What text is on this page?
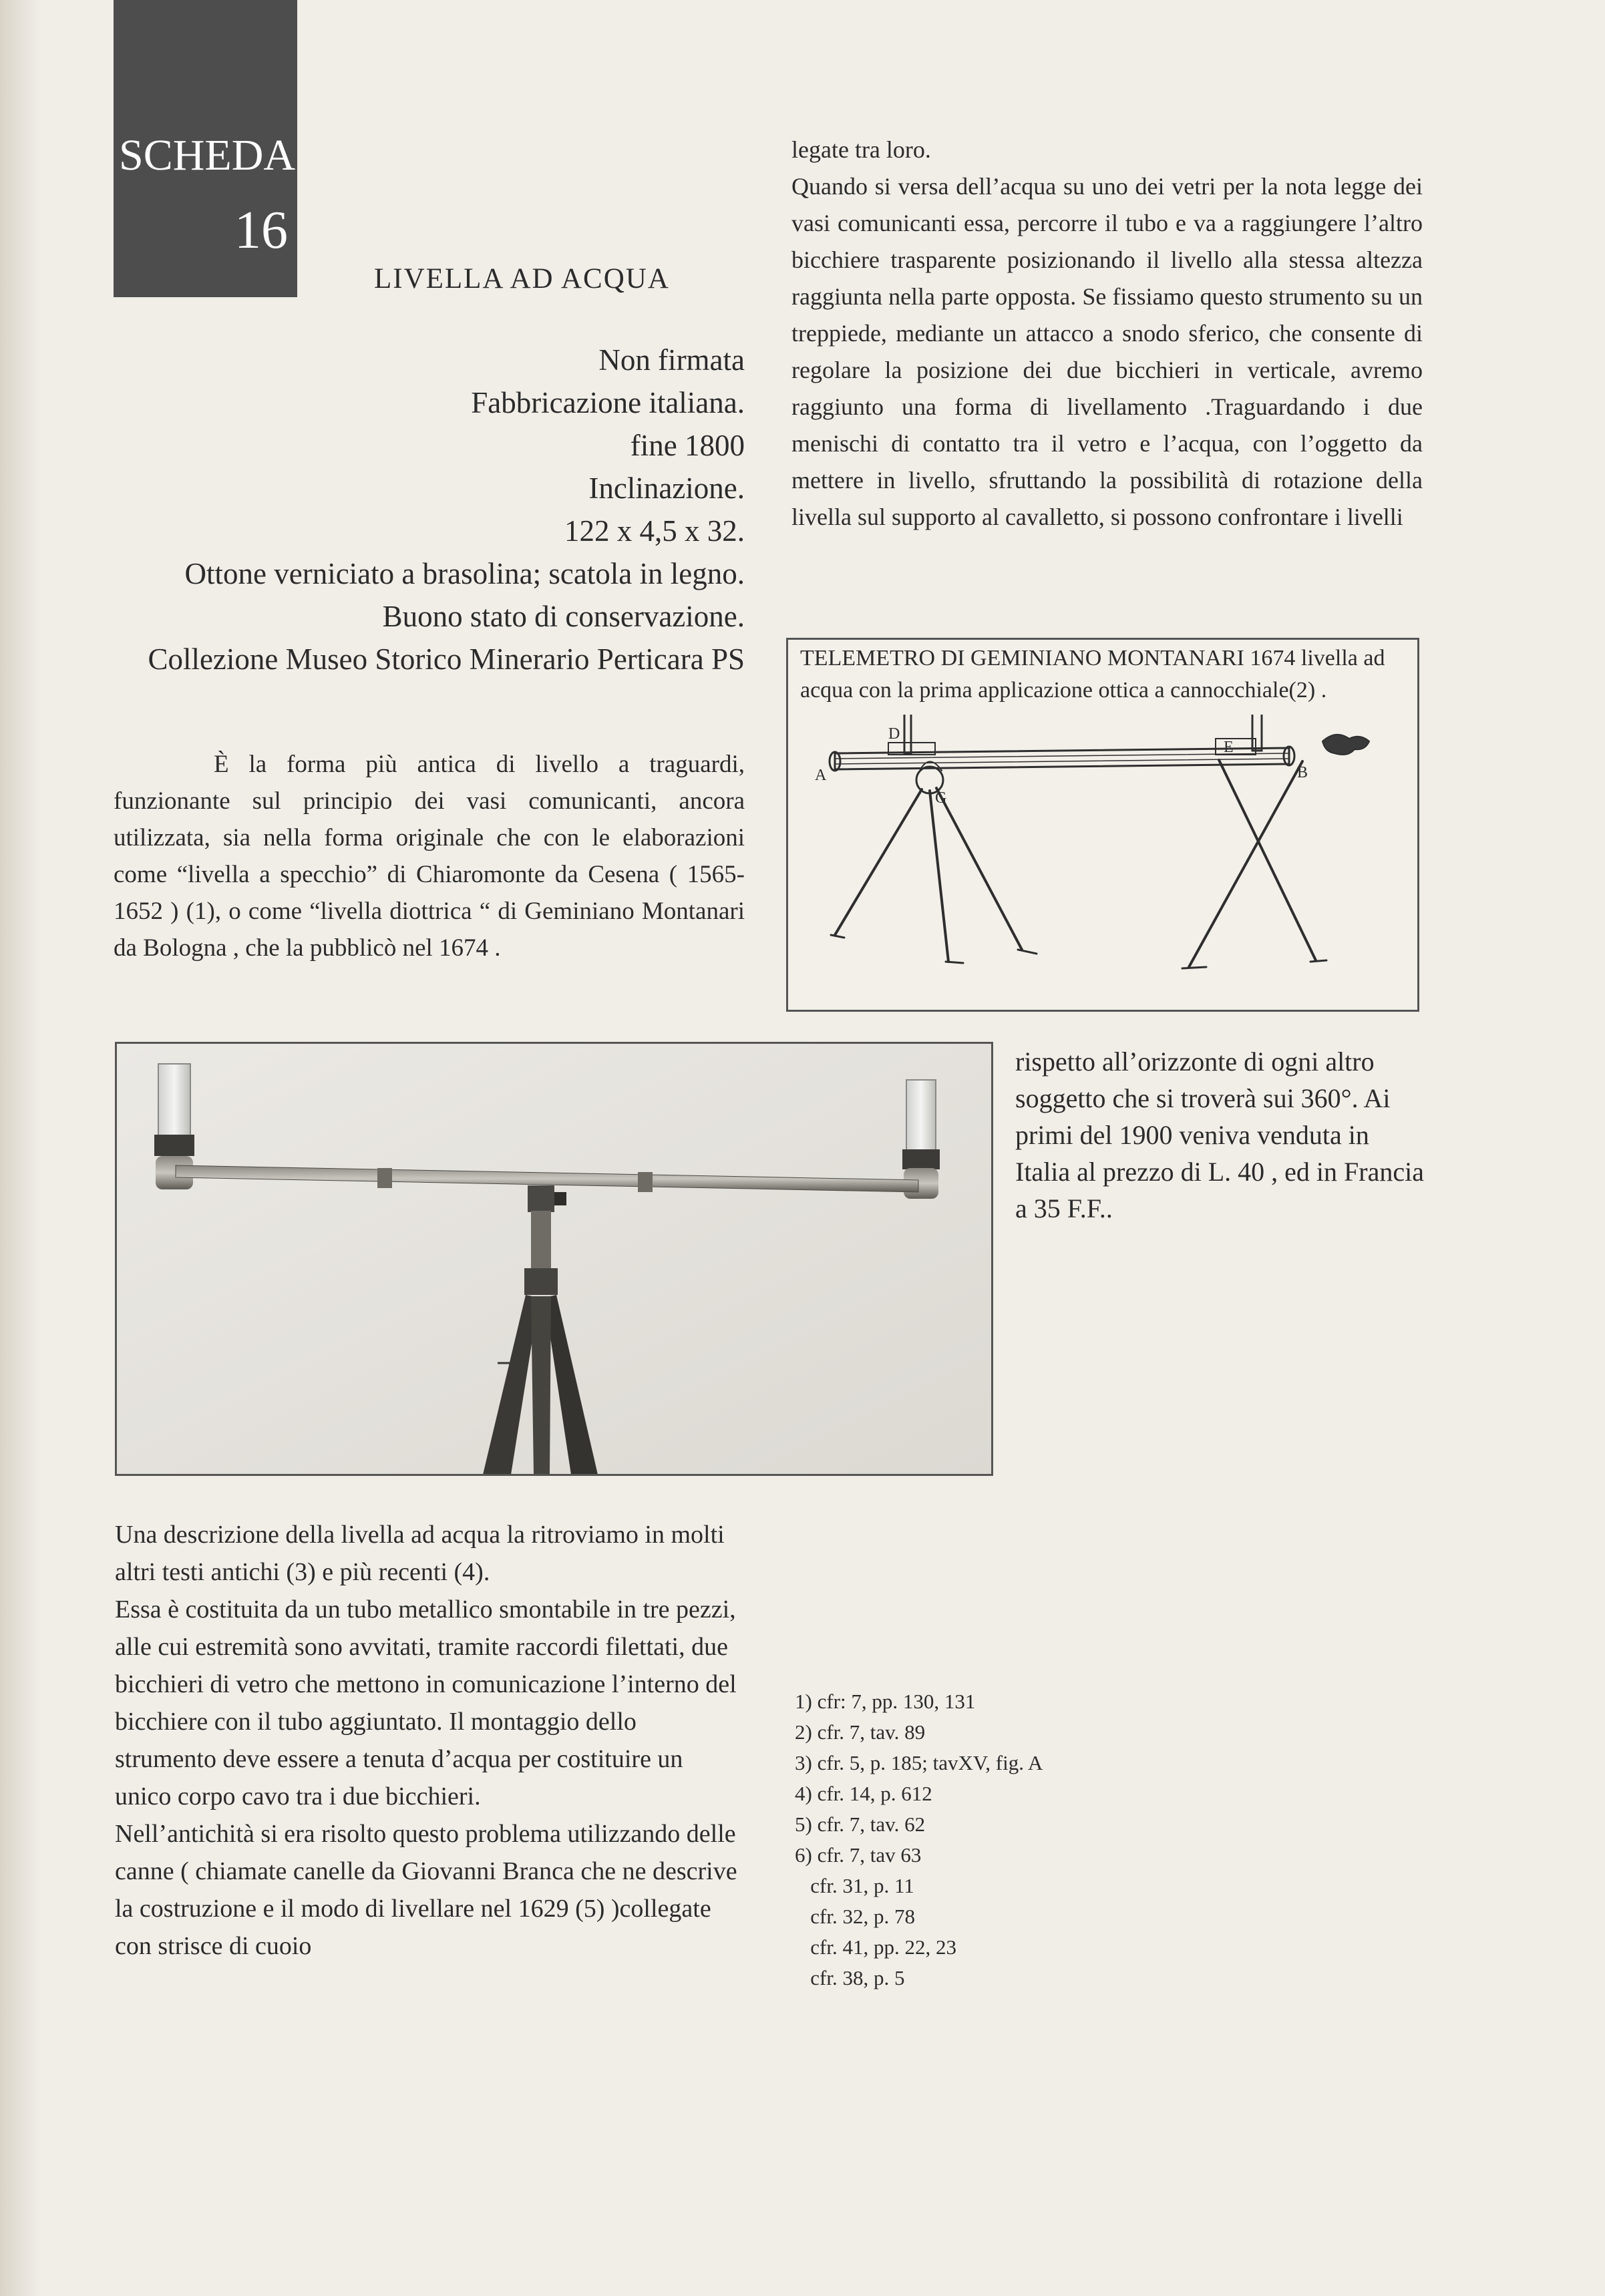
SCHEDA
16
LIVELLA AD ACQUA
Non firmata
Fabbricazione italiana.
fine 1800
Inclinazione.
122 x 4,5 x 32.
Ottone verniciato a brasolina; scatola in legno.
Buono stato di conservazione.
Collezione Museo Storico Minerario Perticara PS

È la forma più antica di livello a traguardi, funzionante sul principio dei vasi comunicanti, ancora utilizzata, sia nella forma originale che con le elaborazioni come “livella a specchio” di Chiaromonte da Cesena ( 1565- 1652 ) (1), o come “livella diottrica “ di Geminiano Montanari da Bologna , che la pubblicò nel 1674 .

legate tra loro.

Quando si versa dell’acqua su uno dei vetri per la nota legge dei vasi comunicanti essa, percorre il tubo e va a raggiungere l’altro bicchiere trasparente posizionando il livello alla stessa altezza raggiunta nella parte opposta. Se fissiamo questo strumento su un treppiede, mediante un attacco a snodo sferico, che consente di regolare la posizione dei due bicchieri in verticale, avremo raggiunto una forma di livellamento .Traguardando i due menischi di contatto tra il vetro e l’acqua, con l’oggetto da mettere in livello, sfruttando la possibilità di rotazione della livella sul supporto al cavalletto, si possono confrontare i livelli

TELEMETRO DI GEMINIANO MONTANARI 1674 livella ad acqua con la prima applicazione ottica a cannocchiale(2) .
A	B
D
E
G
rispetto all’orizzonte di ogni altro soggetto che si troverà sui 360°. Ai primi del 1900 veniva venduta in Italia al prezzo di L. 40 , ed in Francia a 35 F.F..

Una descrizione della livella ad acqua la ritroviamo in molti altri testi antichi (3) e più recenti (4).

Essa è costituita da un tubo metallico smontabile in tre pezzi, alle cui estremità sono avvitati, tramite raccordi filettati, due bicchieri di vetro che mettono in comunicazione l’interno del bicchiere con il tubo aggiuntato. Il montaggio dello strumento deve essere a tenuta d’acqua per costituire un unico corpo cavo tra i due bicchieri.

Nell’antichità si era risolto questo problema utilizzando delle canne ( chiamate canelle da Giovanni Branca che ne descrive la costruzione e il modo di livellare nel 1629 (5) )collegate con strisce di cuoio

1) cfr: 7, pp. 130, 131
2) cfr. 7, tav. 89
3) cfr. 5, p. 185; tavXV, fig. A
4) cfr. 14, p. 612
5) cfr. 7, tav. 62
6) cfr. 7, tav 63
cfr. 31, p. 11
cfr. 32, p. 78
cfr. 41, pp. 22, 23
cfr. 38, p. 5
